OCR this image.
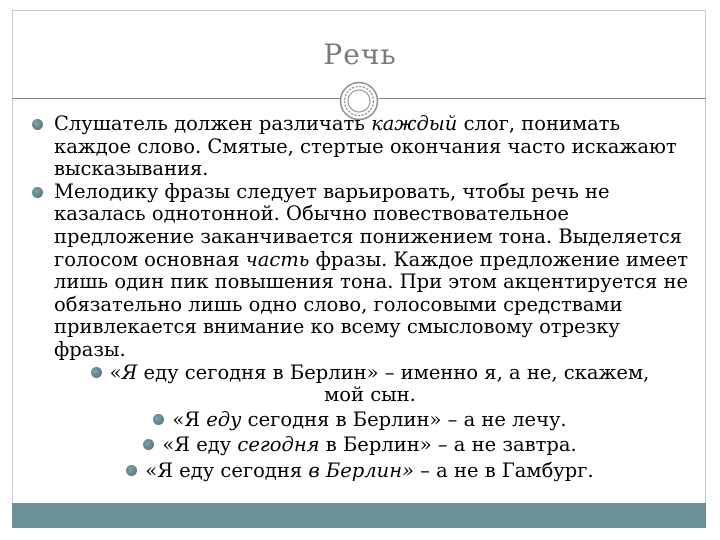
Речь
Слушатель должен различать каждый слог, понимать каждое слово. Смятые, стертые окончания часто искажают высказывания.
Мелодику фразы следует варьировать, чтобы речь не казалась однотонной. Обычно повествовательное предложение заканчивается понижением тона. Выделяется голосом основная часть фразы. Каждое предложение имеет лишь один пик повышения тона. При этом акцентируется не обязательно лишь одно слово, голосовыми средствами привлекается внимание ко всему смысловому отрезку фразы.
«Я еду сегодня в Берлин» – именно я, а не, скажем, мой сын.
«Я еду сегодня в Берлин» – а не лечу.
«Я еду сегодня в Берлин» – а не завтра.
«Я еду сегодня в Берлин» – а не в Гамбург.
